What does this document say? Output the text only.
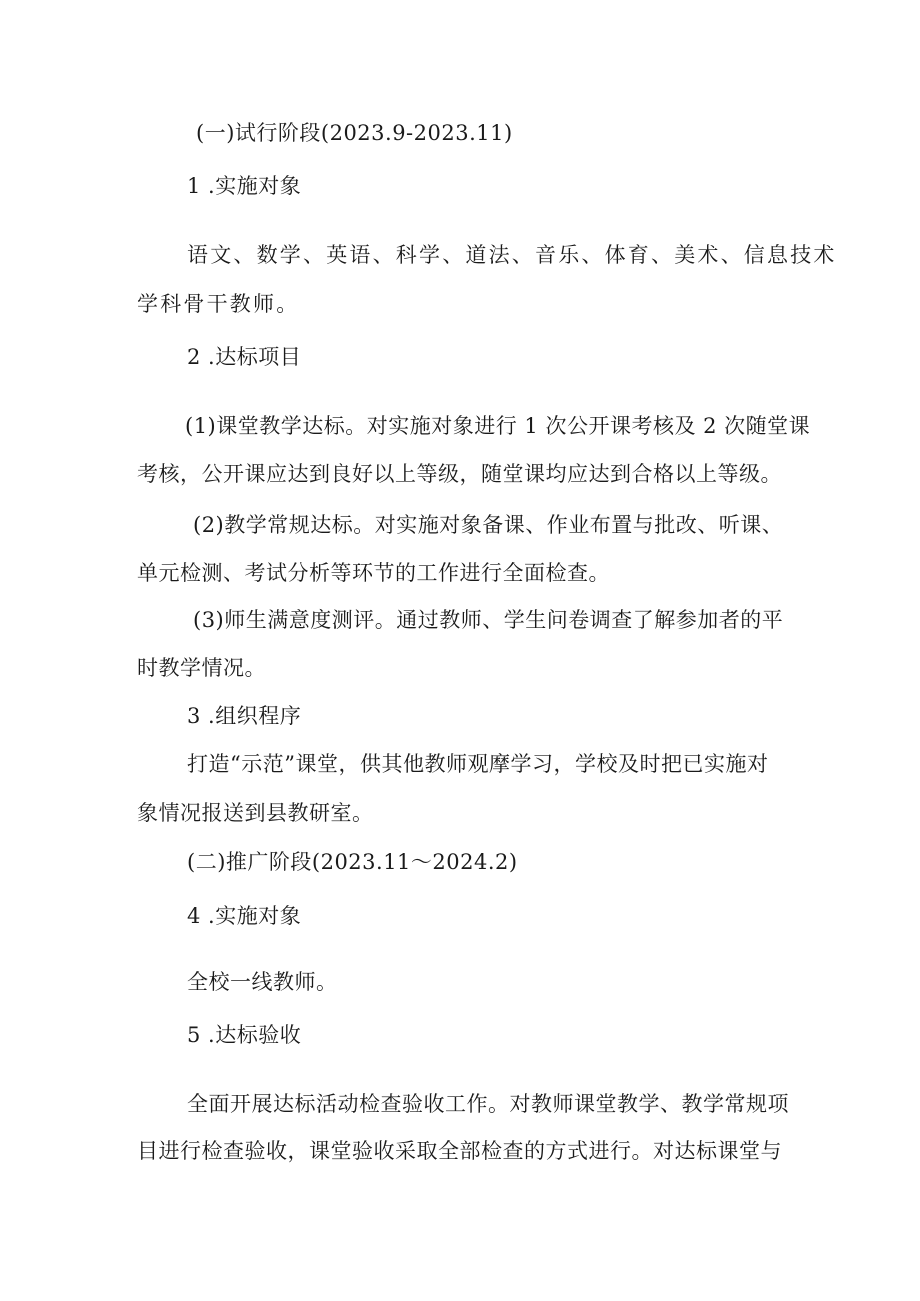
(一)试行阶段(2023.9-2023.11)
1 .实施对象
语文、数学、英语、科学、道法、音乐、体育、美术、信息技术
学科骨干教师。
2 .达标项目
(1)课堂教学达标。对实施对象进行 1 次公开课考核及 2 次随堂课
考核，公开课应达到良好以上等级，随堂课均应达到合格以上等级。
(2)教学常规达标。对实施对象备课、作业布置与批改、听课、
单元检测、考试分析等环节的工作进行全面检查。
(3)师生满意度测评。通过教师、学生问卷调查了解参加者的平
时教学情况。
3 .组织程序
打造“示范”课堂，供其他教师观摩学习，学校及时把已实施对
象情况报送到县教研室。
(二)推广阶段(2023.11～2024.2)
4 .实施对象
全校一线教师。
5 .达标验收
全面开展达标活动检查验收工作。对教师课堂教学、教学常规项
目进行检查验收，课堂验收采取全部检查的方式进行。对达标课堂与
